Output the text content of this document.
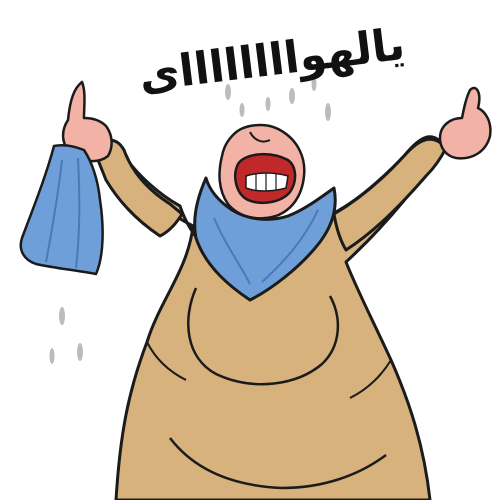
يالهوااااااااى
